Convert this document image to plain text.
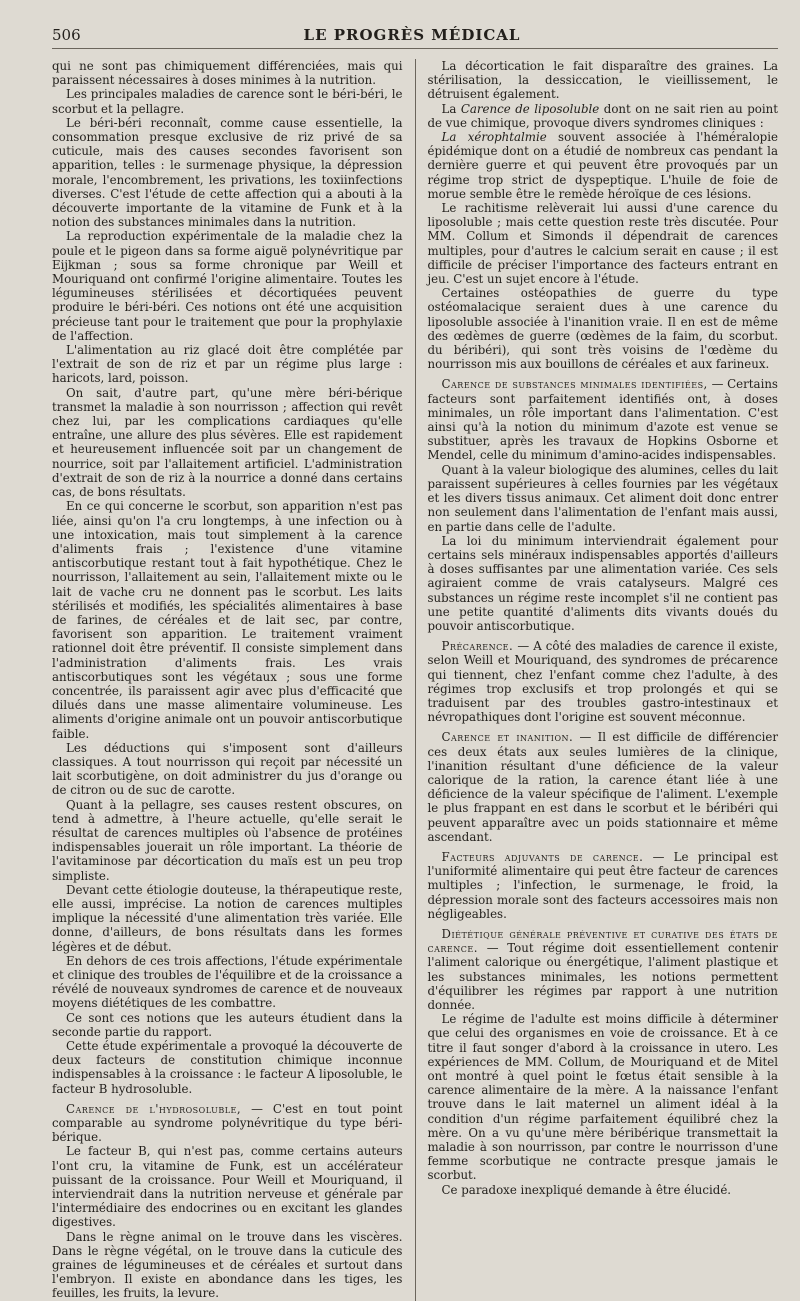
506	LE PROGRÈS MÉDICAL

qui ne sont pas chimiquement différenciées, mais qui paraissent nécessaires à doses minimes à la nutrition.

Les principales maladies de carence sont le béri-béri, le scorbut et la pellagre.

Le béri-béri reconnaît, comme cause essentielle, la consommation presque exclusive de riz privé de sa cuticule, mais des causes secondes favorisent son apparition, telles : le surmenage physique, la dépression morale, l'encombrement, les privations, les toxiinfections diverses. C'est l'étude de cette affection qui a abouti à la découverte importante de la vitamine de Funk et à la notion des substances minimales dans la nutrition.

La reproduction expérimentale de la maladie chez la poule et le pigeon dans sa forme aiguë polynévritique par Eijkman ; sous sa forme chronique par Weill et Mouriquand ont confirmé l'origine alimentaire. Toutes les légumineuses stérilisées et décortiquées peuvent produire le béri-béri. Ces notions ont été une acquisition précieuse tant pour le traitement que pour la prophylaxie de l'affection.

L'alimentation au riz glacé doit être complétée par l'extrait de son de riz et par un régime plus large : haricots, lard, poisson.

On sait, d'autre part, qu'une mère béri-bérique transmet la maladie à son nourrisson ; affection qui revêt chez lui, par les complications cardiaques qu'elle entraîne, une allure des plus sévères. Elle est rapidement et heureusement influencée soit par un changement de nourrice, soit par l'allaitement artificiel. L'administration d'extrait de son de riz à la nourrice a donné dans certains cas, de bons résultats.

En ce qui concerne le scorbut, son apparition n'est pas liée, ainsi qu'on l'a cru longtemps, à une infection ou à une intoxication, mais tout simplement à la carence d'aliments frais ; l'existence d'une vitamine antiscorbutique restant tout à fait hypothétique. Chez le nourrisson, l'allaitement au sein, l'allaitement mixte ou le lait de vache cru ne donnent pas le scorbut. Les laits stérilisés et modifiés, les spécialités alimentaires à base de farines, de céréales et de lait sec, par contre, favorisent son apparition. Le traitement vraiment rationnel doit être préventif. Il consiste simplement dans l'administration d'aliments frais. Les vrais antiscorbutiques sont les végétaux ; sous une forme concentrée, ils paraissent agir avec plus d'efficacité que dilués dans une masse alimentaire volumineuse. Les aliments d'origine animale ont un pouvoir antiscorbutique faible.

Les déductions qui s'imposent sont d'ailleurs classiques. A tout nourrisson qui reçoit par nécessité un lait scorbutigène, on doit administrer du jus d'orange ou de citron ou de suc de carotte.

Quant à la pellagre, ses causes restent obscures, on tend à admettre, à l'heure actuelle, qu'elle serait le résultat de carences multiples où l'absence de protéines indispensables jouerait un rôle important. La théorie de l'avitaminose par décortication du maïs est un peu trop simpliste.

Devant cette étiologie douteuse, la thérapeutique reste, elle aussi, imprécise. La notion de carences multiples implique la nécessité d'une alimentation très variée. Elle donne, d'ailleurs, de bons résultats dans les formes légères et de début.

En dehors de ces trois affections, l'étude expérimentale et clinique des troubles de l'équilibre et de la croissance a révélé de nouveaux syndromes de carence et de nouveaux moyens diététiques de les combattre.

Ce sont ces notions que les auteurs étudient dans la seconde partie du rapport.

Cette étude expérimentale a provoqué la découverte de deux facteurs de constitution chimique inconnue indispensables à la croissance : le facteur A liposoluble, le facteur B hydrosoluble.

Carence de l'hydrosoluble, — C'est en tout point comparable au syndrome polynévritique du type béri-bérique.

Le facteur B, qui n'est pas, comme certains auteurs l'ont cru, la vitamine de Funk, est un accélérateur puissant de la croissance. Pour Weill et Mouriquand, il interviendrait dans la nutrition nerveuse et générale par l'intermédiaire des endocrines ou en excitant les glandes digestives.

Dans le règne animal on le trouve dans les viscères. Dans le règne végétal, on le trouve dans la cuticule des graines de légumineuses et de céréales et surtout dans l'embryon. Il existe en abondance dans les tiges, les feuilles, les fruits, la levure.

La décortication le fait disparaître des graines. La stérilisation, la dessiccation, le vieillissement, le détruisent également.

La Carence de liposoluble dont on ne sait rien au point de vue chimique, provoque divers syndromes cliniques :

La xérophtalmie souvent associée à l'héméralopie épidémique dont on a étudié de nombreux cas pendant la dernière guerre et qui peuvent être provoqués par un régime trop strict de dyspeptique. L'huile de foie de morue semble être le remède héroïque de ces lésions.

Le rachitisme relèverait lui aussi d'une carence du liposoluble ; mais cette question reste très discutée. Pour MM. Collum et Simonds il dépendrait de carences multiples, pour d'autres le calcium serait en cause ; il est difficile de préciser l'importance des facteurs entrant en jeu. C'est un sujet encore à l'étude.

Certaines ostéopathies de guerre du type ostéomalacique seraient dues à une carence du liposoluble associée à l'inanition vraie. Il en est de même des œdèmes de guerre (œdèmes de la faim, du scorbut. du béribéri), qui sont très voisins de l'œdème du nourrisson mis aux bouillons de céréales et aux farineux.

Carence de substances minimales identifiées, — Certains facteurs sont parfaitement identifiés ont, à doses minimales, un rôle important dans l'alimentation. C'est ainsi qu'à la notion du minimum d'azote est venue se substituer, après les travaux de Hopkins Osborne et Mendel, celle du minimum d'amino-acides indispensables.

Quant à la valeur biologique des alumines, celles du lait paraissent supérieures à celles fournies par les végétaux et les divers tissus animaux. Cet aliment doit donc entrer non seulement dans l'alimentation de l'enfant mais aussi, en partie dans celle de l'adulte.

La loi du minimum interviendrait également pour certains sels minéraux indispensables apportés d'ailleurs à doses suffisantes par une alimentation variée. Ces sels agiraient comme de vrais catalyseurs. Malgré ces substances un régime reste incomplet s'il ne contient pas une petite quantité d'aliments dits vivants doués du pouvoir antiscorbutique.

Précarence. — A côté des maladies de carence il existe, selon Weill et Mouriquand, des syndromes de précarence qui tiennent, chez l'enfant comme chez l'adulte, à des régimes trop exclusifs et trop prolongés et qui se traduisent par des troubles gastro-intestinaux et névropathiques dont l'origine est souvent méconnue.

Carence et inanition. — Il est difficile de différencier ces deux états aux seules lumières de la clinique, l'inanition résultant d'une déficience de la valeur calorique de la ration, la carence étant liée à une déficience de la valeur spécifique de l'aliment. L'exemple le plus frappant en est dans le scorbut et le béribéri qui peuvent apparaître avec un poids stationnaire et même ascendant.

Facteurs adjuvants de carence. — Le principal est l'uniformité alimentaire qui peut être facteur de carences multiples ; l'infection, le surmenage, le froid, la dépression morale sont des facteurs accessoires mais non négligeables.

Diététique générale préventive et curative des états de carence. — Tout régime doit essentiellement contenir l'aliment calorique ou énergétique, l'aliment plastique et les substances minimales, les notions permettent d'équilibrer les régimes par rapport à une nutrition donnée.

Le régime de l'adulte est moins difficile à déterminer que celui des organismes en voie de croissance. Et à ce titre il faut songer d'abord à la croissance in utero. Les expériences de MM. Collum, de Mouriquand et de Mitel ont montré à quel point le fœtus était sensible à la carence alimentaire de la mère. A la naissance l'enfant trouve dans le lait maternel un aliment idéal à la condition d'un régime parfaitement équilibré chez la mère. On a vu qu'une mère béribérique transmettait la maladie à son nourrisson, par contre le nourrisson d'une femme scorbutique ne contracte presque jamais le scorbut.

Ce paradoxe inexpliqué demande à être élucidé.
